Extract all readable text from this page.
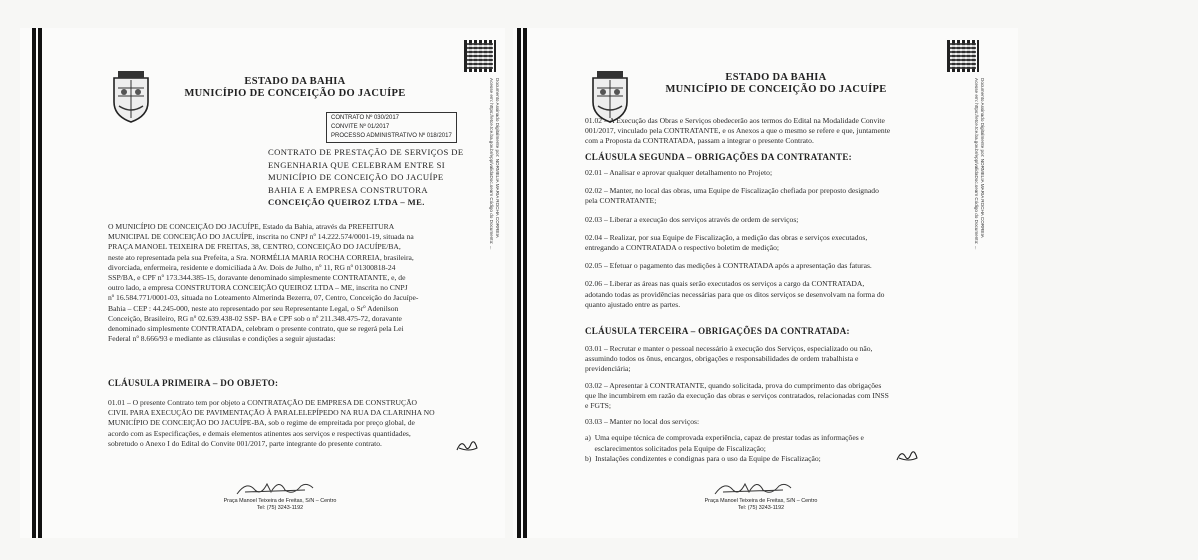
ESTADO DA BAHIA
MUNICÍPIO DE CONCEIÇÃO DO JACUÍPE	Documento Assinado Digitalmente por: NORMELIA MARIA ROCHA CORREIA
Acesse em: https://etce.tce.ba.gov.br/epp/validaDoc.seam Código do Documento: ...
CONTRATO Nº 030/2017
CONVITE Nº 01/2017
PROCESSO ADMINISTRATIVO Nº 018/2017
CONTRATO DE PRESTAÇÃO DE SERVIÇOS DE
ENGENHARIA QUE CELEBRAM ENTRE SI
MUNICÍPIO DE CONCEIÇÃO DO JACUÍPE
BAHIA E A EMPRESA CONSTRUTORA
CONCEIÇÃO QUEIROZ LTDA – ME.
O MUNICÍPIO DE CONCEIÇÃO DO JACUÍPE, Estado da Bahia, através da PREFEITURA
MUNICIPAL DE CONCEIÇÃO DO JACUÍPE, inscrita no CNPJ nº 14.222.574/0001-19, situada na
PRAÇA MANOEL TEIXEIRA DE FREITAS, 38, CENTRO, CONCEIÇÃO DO JACUÍPE/BA,
neste ato representada pela sua Prefeita, a Sra. NORMÉLIA MARIA ROCHA CORREIA, brasileira,
divorciada, enfermeira, residente e domiciliada à Av. Dois de Julho, nº 11, RG nº 01300818-24
SSP/BA, e CPF nº 173.344.385-15, doravante denominado simplesmente CONTRATANTE, e, de
outro lado, a empresa CONSTRUTORA CONCEIÇÃO QUEIROZ LTDA – ME, inscrita no CNPJ
nº 16.584.771/0001-03, situada no Loteamento Almerinda Bezerra, 07, Centro, Conceição do Jacuípe-
Bahia – CEP : 44.245-000, neste ato representado por seu Representante Legal, o Srº Adenilson
Conceição, Brasileiro, RG nº 02.639.438-02 SSP- BA e CPF sob o nº 211.348.475-72, doravante
denominado simplesmente CONTRATADA, celebram o presente contrato, que se regerá pela Lei
Federal nº 8.666/93 e mediante as cláusulas e condições a seguir ajustadas:
CLÁUSULA PRIMEIRA – DO OBJETO:
01.01 – O presente Contrato tem por objeto a CONTRATAÇÃO DE EMPRESA DE CONSTRUÇÃO
CIVIL PARA EXECUÇÃO DE PAVIMENTAÇÃO À PARALELEPÍPEDO NA RUA DA CLARINHA NO
MUNICÍPIO DE CONCEIÇÃO DO JACUÍPE-BA, sob o regime de empreitada por preço global, de
acordo com as Especificações, e demais elementos atinentes aos serviços e respectivas quantidades,
sobretudo o Anexo I do Edital do Convite 001/2017, parte integrante do presente contrato.
Praça Manoel Teixeira de Freitas, S/N – Centro
Tel: (75) 3243-1192
ESTADO DA BAHIA
MUNICÍPIO DE CONCEIÇÃO DO JACUÍPE	Documento Assinado Digitalmente por: NORMELIA MARIA ROCHA CORREIA
Acesse em: https://etce.tce.ba.gov.br/epp/validaDoc.seam Código do Documento: ...
01.02 – A Execução das Obras e Serviços obedecerão aos termos do Edital na Modalidade Convite
001/2017, vinculado pela CONTRATANTE, e os Anexos a que o mesmo se refere e que, juntamente
com a Proposta da CONTRATADA, passam a integrar o presente Contrato.
CLÁUSULA SEGUNDA – OBRIGAÇÕES DA CONTRATANTE:
02.01 – Analisar e aprovar qualquer detalhamento no Projeto;
02.02 – Manter, no local das obras, uma Equipe de Fiscalização chefiada por preposto designado
pela CONTRATANTE;
02.03 – Liberar a execução dos serviços através de ordem de serviços;
02.04 – Realizar, por sua Equipe de Fiscalização, a medição das obras e serviços executados,
entregando a CONTRATADA o respectivo boletim de medição;
02.05 – Efetuar o pagamento das medições à CONTRATADA após a apresentação das faturas.
02.06 – Liberar as áreas nas quais serão executados os serviços a cargo da CONTRATADA,
adotando todas as providências necessárias para que os ditos serviços se desenvolvam na forma do
quanto ajustado entre as partes.
CLÁUSULA TERCEIRA – OBRIGAÇÕES DA CONTRATADA:
03.01 – Recrutar e manter o pessoal necessário à execução dos Serviços, especializado ou não,
assumindo todos os ônus, encargos, obrigações e responsabilidades de ordem trabalhista e
previdenciária;
03.02 – Apresentar à CONTRATANTE, quando solicitada, prova do cumprimento das obrigações
que lhe incumbirem em razão da execução das obras e serviços contratados, relacionadas com INSS
e FGTS;
03.03 – Manter no local dos serviços:
a)  Uma equipe técnica de comprovada experiência, capaz de prestar todas as informações e
esclarecimentos solicitados pela Equipe de Fiscalização;
b)  Instalações condizentes e condignas para o uso da Equipe de Fiscalização;
Praça Manoel Teixeira de Freitas, S/N – Centro
Tel: (75) 3243-1192
